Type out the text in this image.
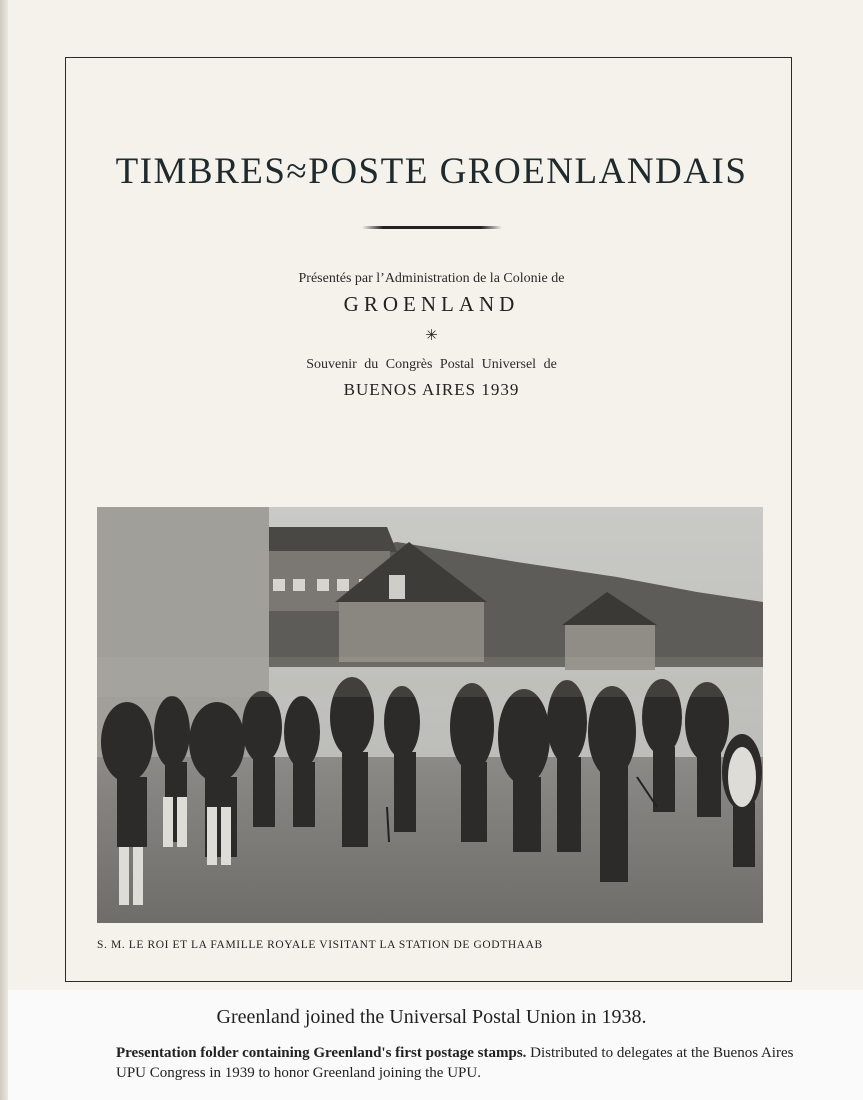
TIMBRES≈POSTE GROENLANDAIS
Présentés par l’Administration de la Colonie de
GROENLAND
✳
Souvenir du Congrès Postal Universel de
BUENOS AIRES 1939
S. M. LE ROI ET LA FAMILLE ROYALE VISITANT LA STATION DE GODTHAAB
Greenland joined the Universal Postal Union in 1938.
Presentation folder containing Greenland's first postage stamps. Distributed to delegates at the Buenos Aires UPU Congress in 1939 to honor Greenland joining the UPU.
